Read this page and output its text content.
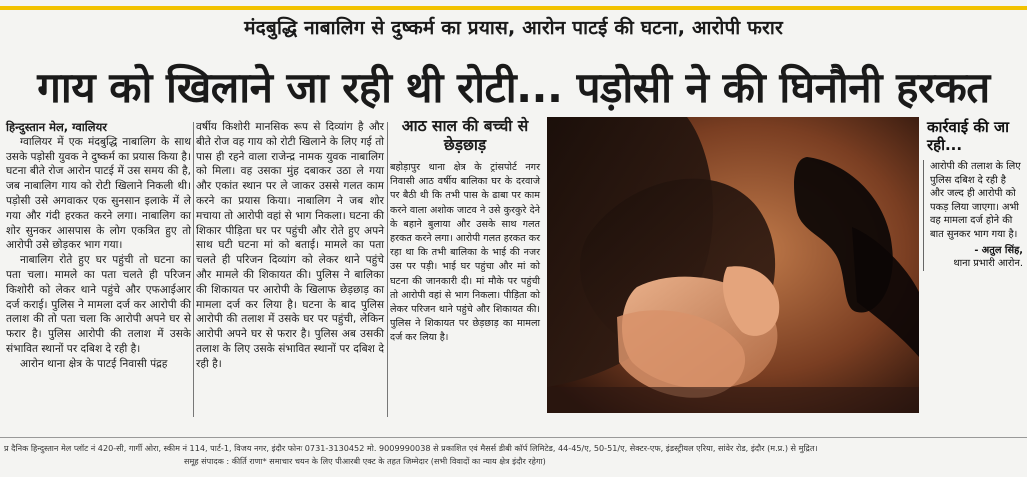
मंदबुद्धि नाबालिग से दुष्कर्म का प्रयास, आरोन पाटई की घटना, आरोपी फरार
गाय को खिलाने जा रही थी रोटी... पड़ोसी ने की घिनौनी हरकत

हिन्दुस्तान मेल, ग्वालियर

ग्वालियर में एक मंदबुद्धि नाबालिग के साथ उसके पड़ोसी युवक ने दुष्कर्म का प्रयास किया है। घटना बीते रोज आरोन पाटई में उस समय की है, जब नाबालिग गाय को रोटी खिलाने निकली थी। पड़ोसी उसे अगवाकर एक सुनसान इलाके में ले गया और गंदी हरकत करने लगा। नाबालिग का शोर सुनकर आसपास के लोग एकत्रित हुए तो आरोपी उसे छोड़कर भाग गया।

नाबालिग रोते हुए घर पहुंची तो घटना का पता चला। मामले का पता चलते ही परिजन किशोरी को लेकर थाने पहुंचे और एफआईआर दर्ज कराई। पुलिस ने मामला दर्ज कर आरोपी की तलाश की तो पता चला कि आरोपी अपने घर से फरार है। पुलिस आरोपी की तलाश में उसके संभावित स्थानों पर दबिश दे रही है।

आरोन थाना क्षेत्र के पाटई निवासी पंद्रह

वर्षीय किशोरी मानसिक रूप से दिव्यांग है और बीते रोज वह गाय को रोटी खिलाने के लिए गई तो पास ही रहने वाला राजेन्द्र नामक युवक नाबालिग को मिला। वह उसका मुंह दबाकर उठा ले गया और एकांत स्थान पर ले जाकर उससे गलत काम करने का प्रयास किया। नाबालिग ने जब शोर मचाया तो आरोपी वहां से भाग निकला। घटना की शिकार पीड़िता घर पर पहुंची और रोते हुए अपने साथ घटी घटना मां को बताई। मामले का पता चलते ही परिजन दिव्यांग को लेकर थाने पहुंचे और मामले की शिकायत की। पुलिस ने बालिका की शिकायत पर आरोपी के खिलाफ छेड़छाड़ का मामला दर्ज कर लिया है। घटना के बाद पुलिस आरोपी की तलाश में उसके घर पर पहुंची, लेकिन आरोपी अपने घर से फरार है। पुलिस अब उसकी तलाश के लिए उसके संभावित स्थानों पर दबिश दे रही है।

आठ साल की बच्ची से छेड़छाड़
बहोड़ापुर थाना क्षेत्र के ट्रांसपोर्ट नगर निवासी आठ वर्षीय बालिका घर के दरवाजे पर बैठी थी कि तभी पास के ढाबा पर काम करने वाला अशोक जाटव ने उसे कुरकुरे देने के बहाने बुलाया और उसके साथ गलत हरकत करने लगा। आरोपी गलत हरकत कर रहा था कि तभी बालिका के भाई की नजर उस पर पड़ी। भाई घर पहुंचा और मां को घटना की जानकारी दी। मां मौके पर पहुंची तो आरोपी वहां से भाग निकला। पीड़िता को लेकर परिजन थाने पहुंचे और शिकायत की। पुलिस ने शिकायत पर छेड़छाड़ का मामला दर्ज कर लिया है।
कार्रवाई की जा रही...
आरोपी की तलाश के लिए पुलिस दबिश दे रही है और जल्द ही आरोपी को पकड़ लिया जाएगा। अभी वह मामला दर्ज होने की बात सुनकर भाग गया है।
- अतुल सिंह,
थाना प्रभारी आरोन.
प्र दैनिक हिन्दुस्तान मेल प्लॉट नं 420-सी, गार्गी ओरा, स्कीम नं 114, पार्ट-1, विजय नगर, इंदौर फोनः 0731-3130452 मो. 9009990038 से प्रकाशित एवं मैसर्स डीबी कॉर्प लिमिटेड, 44-45/ए, 50-51/ए, सेक्टर-एफ, इंडस्ट्रीयल एरिया, सांवेर रोड, इंदौर (म.प्र.) से मुद्रित।
समूह संपादक : कीर्ति राणा* समाचार चयन के लिए पीआरबी एक्ट के तहत जिम्मेदार (सभी विवादों का न्याय क्षेत्र इंदौर रहेगा)
